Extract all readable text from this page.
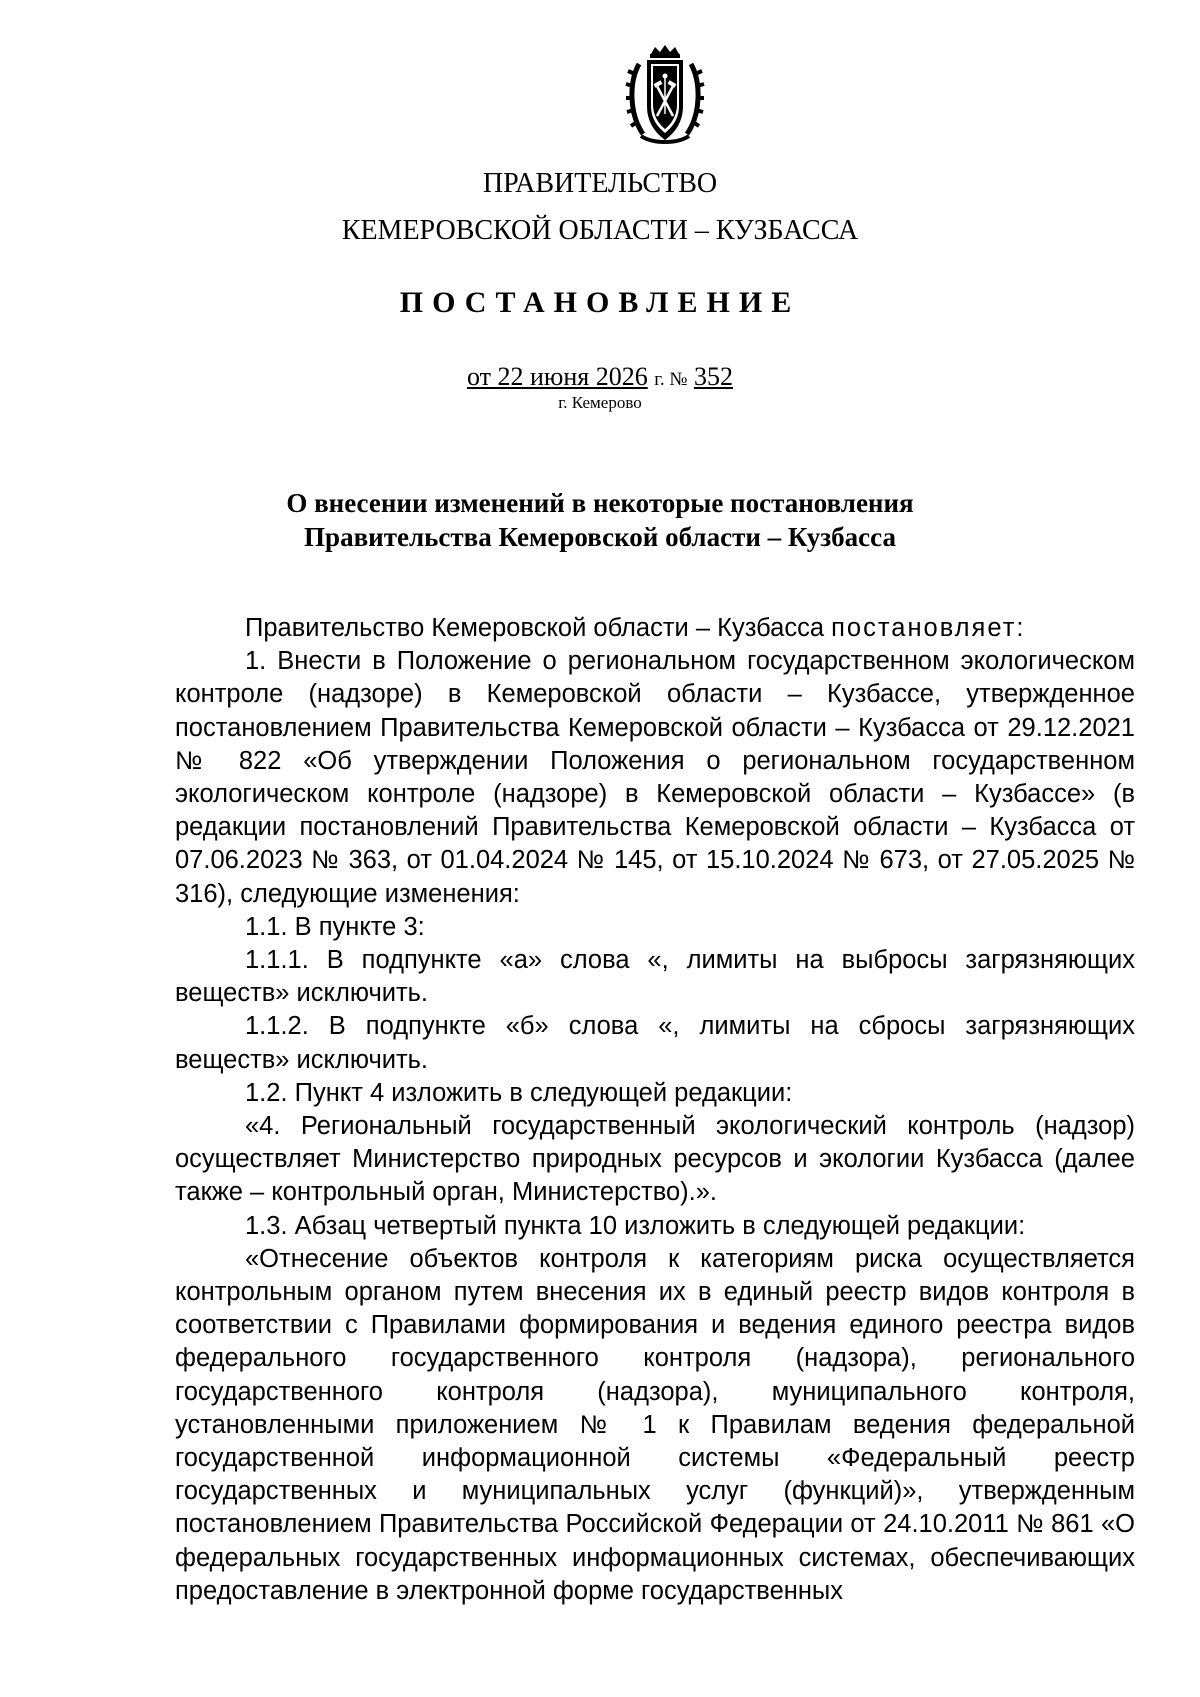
ПРАВИТЕЛЬСТВО
КЕМЕРОВСКОЙ ОБЛАСТИ – КУЗБАССА
ПОСТАНОВЛЕНИЕ
от 22 июня 2026 г. № 352
г. Кемерово
О внесении изменений в некоторые постановления
Правительства Кемеровской области – Кузбасса

Правительство Кемеровской области – Кузбасса постановляет:

1. Внести в Положение о региональном государственном экологическом контроле (надзоре) в Кемеровской области – Кузбассе, утвержденное постановлением Правительства Кемеровской области – Кузбасса от 29.12.2021 № 822 «Об утверждении Положения о региональном государственном экологическом контроле (надзоре) в Кемеровской области – Кузбассе» (в редакции постановлений Правительства Кемеровской области – Кузбасса от 07.06.2023 № 363, от 01.04.2024 № 145, от 15.10.2024 № 673, от 27.05.2025 № 316), следующие изменения:

1.1. В пункте 3:

1.1.1. В подпункте «а» слова «, лимиты на выбросы загрязняющих веществ» исключить.

1.1.2. В подпункте «б» слова «, лимиты на сбросы загрязняющих веществ» исключить.

1.2. Пункт 4 изложить в следующей редакции:

«4. Региональный государственный экологический контроль (надзор) осуществляет Министерство природных ресурсов и экологии Кузбасса (далее также – контрольный орган, Министерство).».

1.3. Абзац четвертый пункта 10 изложить в следующей редакции:

«Отнесение объектов контроля к категориям риска осуществляется контрольным органом путем внесения их в единый реестр видов контроля в соответствии с Правилами формирования и ведения единого реестра видов федерального государственного контроля (надзора), регионального государственного контроля (надзора), муниципального контроля, установленными приложением № 1 к Правилам ведения федеральной государственной информационной системы «Федеральный реестр государственных и муниципальных услуг (функций)», утвержденным постановлением Правительства Российской Федерации от 24.10.2011 № 861 «О федеральных государственных информационных системах, обеспечивающих предоставление в электронной форме государственных
